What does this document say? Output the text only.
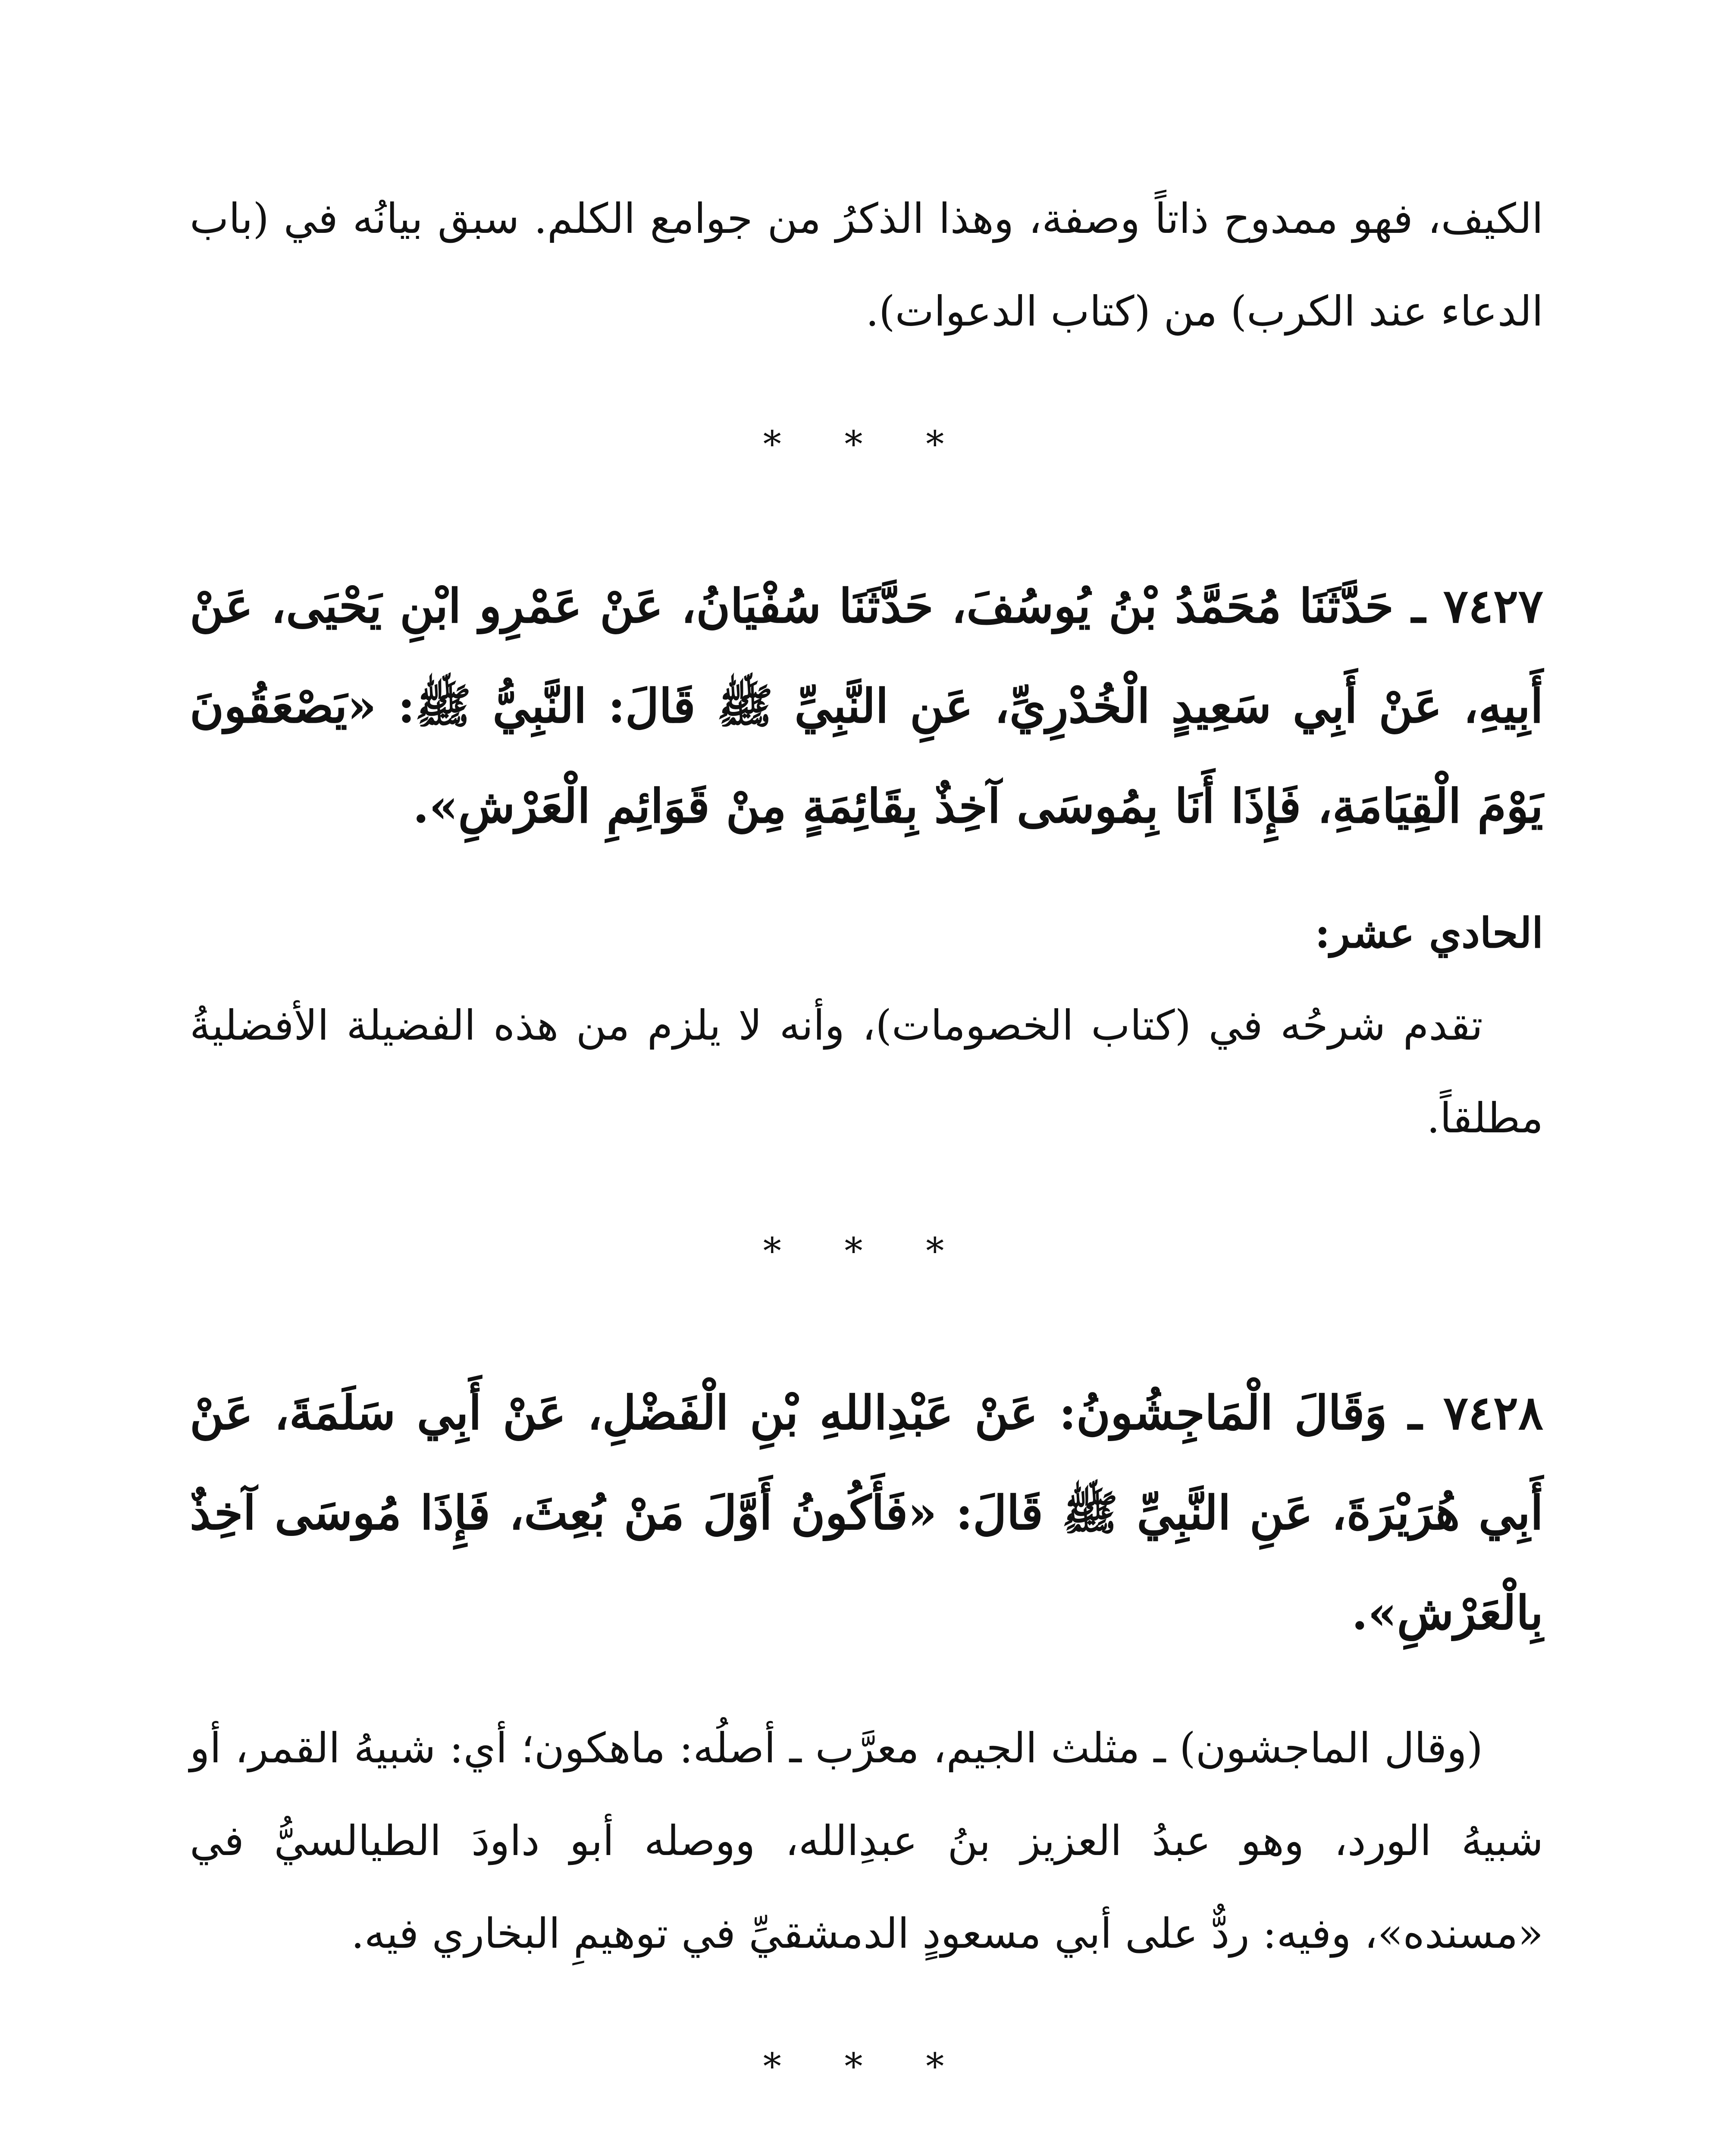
الكيف، فهو ممدوح ذاتاً وصفة، وهذا الذكرُ من جوامع الكلم. سبق بيانُه في (باب الدعاء عند الكرب) من (كتاب الدعوات).

* * *

٧٤٢٧ ـ حَدَّثَنَا مُحَمَّدُ بْنُ يُوسُفَ، حَدَّثَنَا سُفْيَانُ، عَنْ عَمْرِو ابْنِ يَحْيَى، عَنْ أَبِيهِ، عَنْ أَبِي سَعِيدٍ الْخُدْرِيِّ، عَنِ النَّبِيِّ ﷺ قَالَ: النَّبِيُّ ﷺ: «يَصْعَقُونَ يَوْمَ الْقِيَامَةِ، فَإِذَا أَنَا بِمُوسَى آخِذٌ بِقَائِمَةٍ مِنْ قَوَائِمِ الْعَرْشِ».

الحادي عشر:

تقدم شرحُه في (كتاب الخصومات)، وأنه لا يلزم من هذه الفضيلة الأفضليةُ مطلقاً.

* * *

٧٤٢٨ ـ وَقَالَ الْمَاجِشُونُ: عَنْ عَبْدِاللهِ بْنِ الْفَضْلِ، عَنْ أَبِي سَلَمَةَ، عَنْ أَبِي هُرَيْرَةَ، عَنِ النَّبِيِّ ﷺ قَالَ: «فَأَكُونُ أَوَّلَ مَنْ بُعِثَ، فَإِذَا مُوسَى آخِذٌ بِالْعَرْشِ».

(وقال الماجشون) ـ مثلث الجيم، معرَّب ـ أصلُه: ماهكون؛ أي: شبيهُ القمر، أو شبيهُ الورد، وهو عبدُ العزيز بنُ عبدِالله، ووصله أبو داودَ الطيالسيُّ في «مسنده»، وفيه: ردٌّ على أبي مسعودٍ الدمشقيِّ في توهيمِ البخاري فيه.

* * *
